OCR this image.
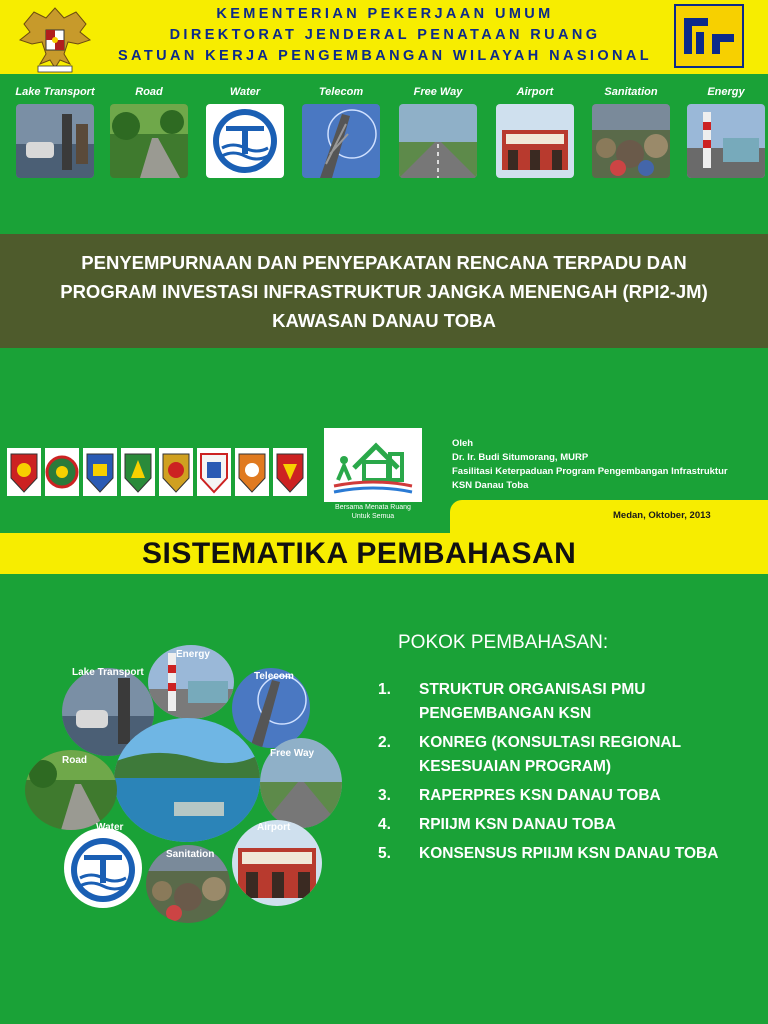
KEMENTERIAN PEKERJAAN UMUM
DIREKTORAT JENDERAL PENATAAN RUANG
SATUAN KERJA PENGEMBANGAN WILAYAH NASIONAL
Lake Transport	Road	Water	Telecom	Free Way	Airport	Sanitation	Energy
PENYEMPURNAAN DAN PENYEPAKATAN RENCANA TERPADU DAN
PROGRAM INVESTASI INFRASTRUKTUR JANGKA MENENGAH (RPI2-JM)
KAWASAN DANAU TOBA
Bersama Menata Ruang
Untuk Semua
Oleh
Dr. Ir. Budi Situmorang, MURP
Fasilitasi Keterpaduan Program Pengembangan Infrastruktur
KSN Danau Toba
Medan, Oktober, 2013
SISTEMATIKA PEMBAHASAN
Energy
Lake Transport	Telecom
Road
Free Way
Water	Airport
Sanitation
POKOK PEMBAHASAN:
1.	STRUKTUR ORGANISASI PMU PENGEMBANGAN KSN
2.	KONREG (KONSULTASI REGIONAL KESESUAIAN PROGRAM)
3.	RAPERPRES KSN DANAU TOBA
4.	RPIIJM KSN DANAU TOBA
5.	KONSENSUS RPIIJM KSN DANAU TOBA
